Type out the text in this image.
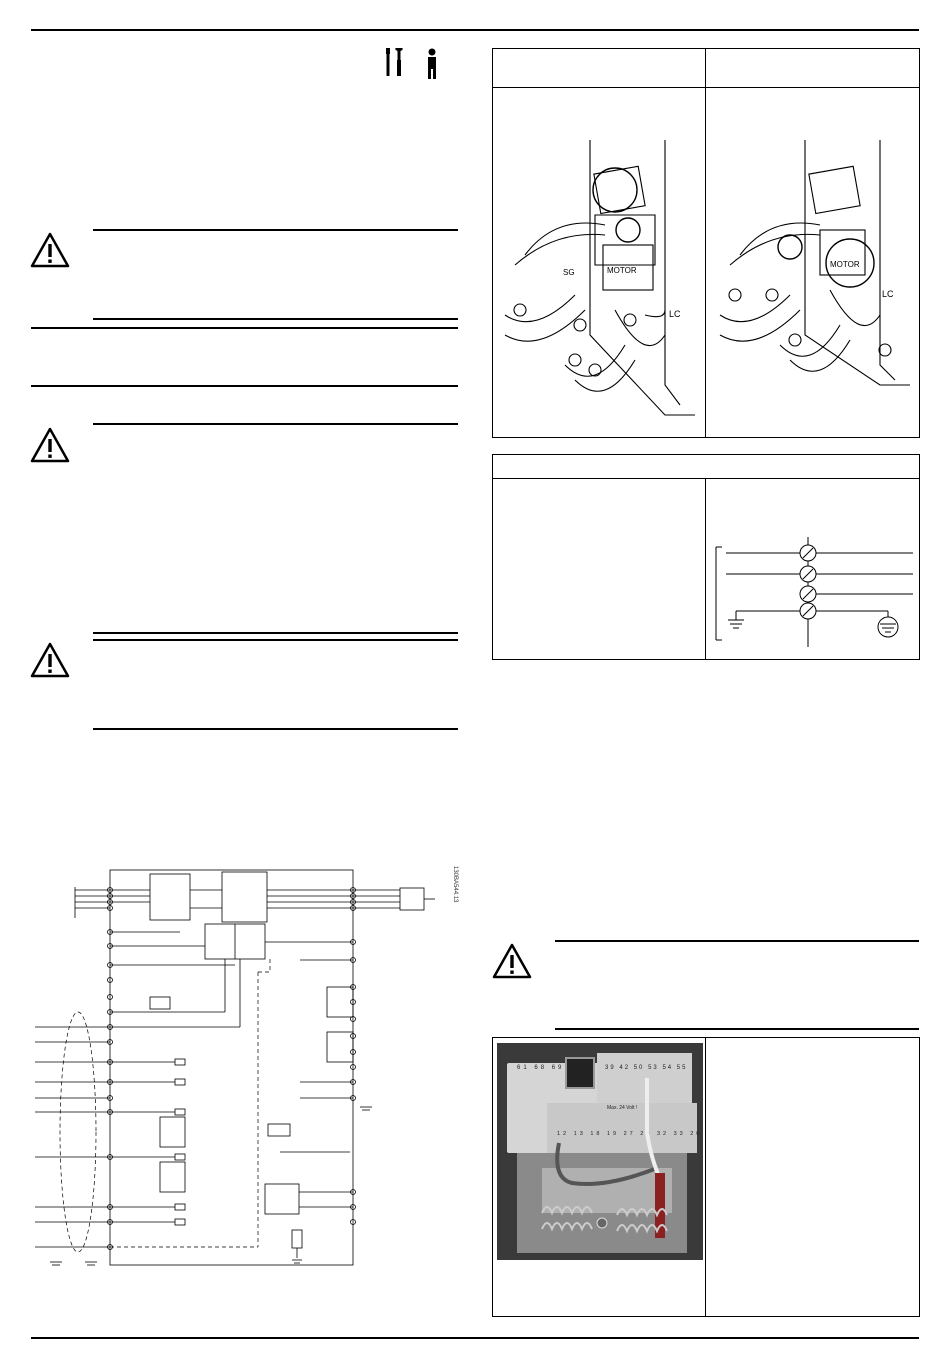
130BA544.13
MOTOR
LC
SG
MOTOR
LC
61 68 69	39 42 50 53 54 55
Max. 24 Volt !
12 13 18 19 27 29 32 33 20
